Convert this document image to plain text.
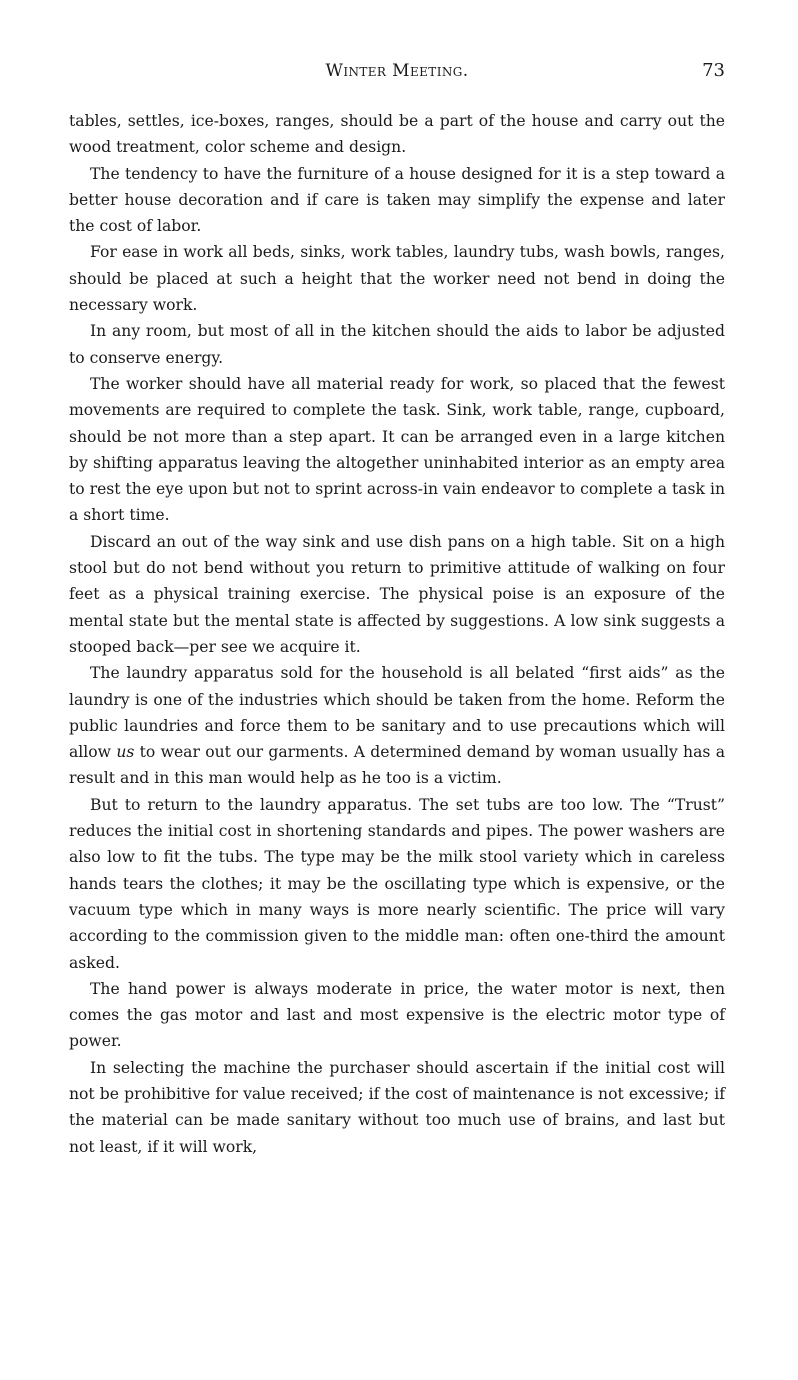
Winter Meeting.	73

tables, settles, ice-boxes, ranges, should be a part of the house and carry out the wood treatment, color scheme and design.

The tendency to have the furniture of a house designed for it is a step toward a better house decoration and if care is taken may simplify the expense and later the cost of labor.

For ease in work all beds, sinks, work tables, laundry tubs, wash bowls, ranges, should be placed at such a height that the worker need not bend in doing the necessary work.

In any room, but most of all in the kitchen should the aids to labor be adjusted to conserve energy.

The worker should have all material ready for work, so placed that the fewest movements are required to complete the task. Sink, work table, range, cupboard, should be not more than a step apart. It can be arranged even in a large kitchen by shifting apparatus leaving the altogether uninhabited interior as an empty area to rest the eye upon but not to sprint across-in vain endeavor to complete a task in a short time.

Discard an out of the way sink and use dish pans on a high table. Sit on a high stool but do not bend without you return to primitive attitude of walking on four feet as a physical training exercise. The physical poise is an exposure of the mental state but the mental state is affected by suggestions. A low sink suggests a stooped back—per see we acquire it.

The laundry apparatus sold for the household is all belated “first aids” as the laundry is one of the industries which should be taken from the home. Reform the public laundries and force them to be sanitary and to use precautions which will allow us to wear out our garments. A determined demand by woman usually has a result and in this man would help as he too is a victim.

But to return to the laundry apparatus. The set tubs are too low. The “Trust” reduces the initial cost in shortening standards and pipes. The power washers are also low to fit the tubs. The type may be the milk stool variety which in careless hands tears the clothes; it may be the oscillating type which is expensive, or the vacuum type which in many ways is more nearly scientific. The price will vary according to the commission given to the middle man: often one-third the amount asked.

The hand power is always moderate in price, the water motor is next, then comes the gas motor and last and most expensive is the electric motor type of power.

In selecting the machine the purchaser should ascertain if the initial cost will not be prohibitive for value received; if the cost of maintenance is not excessive; if the material can be made sanitary without too much use of brains, and last but not least, if it will work,
